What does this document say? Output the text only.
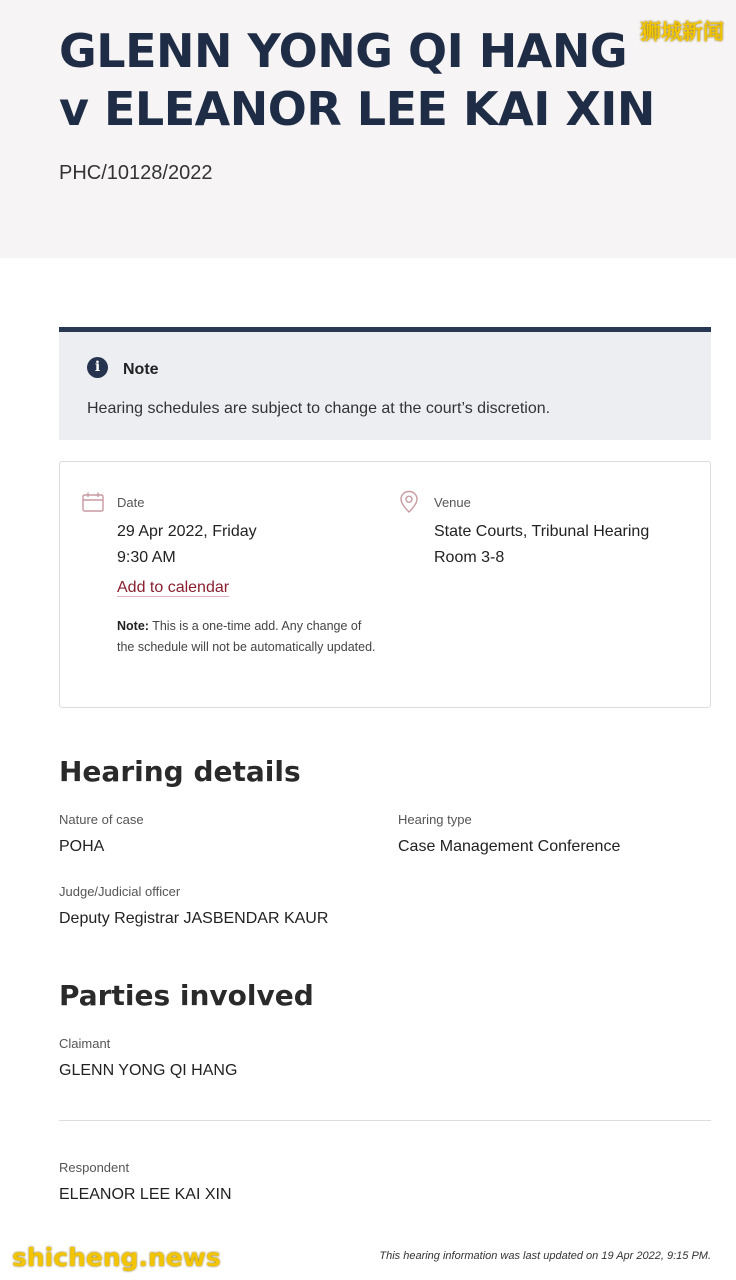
GLENN YONG QI HANG v ELEANOR LEE KAI XIN
PHC/10128/2022
狮城新闻
i	Note
Hearing schedules are subject to change at the court’s discretion.
Date
29 Apr 2022, Friday
9:30 AM
Add to calendar
Note: This is a one-time add. Any change of the schedule will not be automatically updated.
Venue
State Courts, Tribunal Hearing Room 3-8
Hearing details
Nature of case
POHA
Hearing type
Case Management Conference
Judge/Judicial officer
Deputy Registrar JASBENDAR KAUR
Parties involved
Claimant
GLENN YONG QI HANG
Respondent
ELEANOR LEE KAI XIN
This hearing information was last updated on 19 Apr 2022, 9:15 PM.
shicheng.news
